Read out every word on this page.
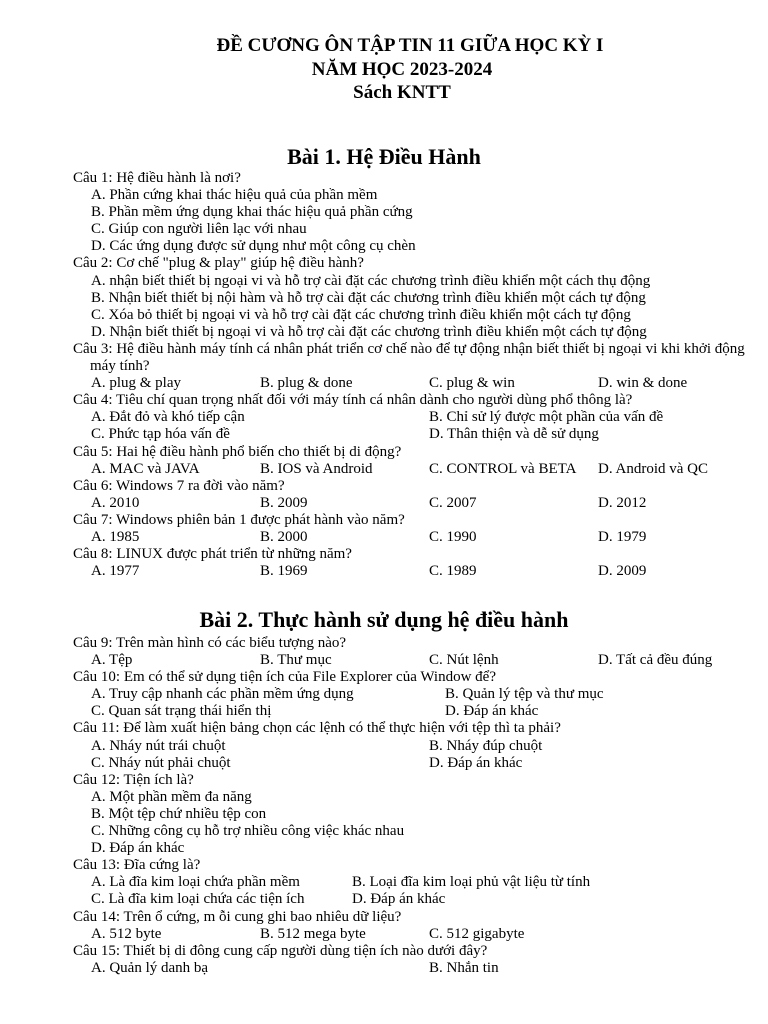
ĐỀ CƯƠNG ÔN TẬP TIN 11 GIỮA HỌC KỲ I
NĂM HỌC 2023-2024
Sách KNTT
Bài 1. Hệ Điều Hành
Câu 1: Hệ điều hành là nơi?
A. Phần cứng khai thác hiệu quả của phần mềm
B. Phần mềm ứng dụng khai thác hiệu quả phần cứng
C. Giúp con người liên lạc với nhau
D. Các ứng dụng được sử dụng như một công cụ chèn
Câu 2: Cơ chế "plug & play" giúp hệ điều hành?
A. nhận biết thiết bị ngoại vi và hỗ trợ cài đặt các chương trình điều khiển một cách thụ động
B. Nhận biết thiết bị nội hàm và hỗ trợ cài đặt các chương trình điều khiển một cách tự động
C. Xóa bỏ thiết bị ngoại vi và hỗ trợ cài đặt các chương trình điều khiển một cách tự động
D. Nhận biết thiết bị ngoại vi và hỗ trợ cài đặt các chương trình điều khiển một cách tự động
Câu 3: Hệ điều hành máy tính cá nhân phát triển cơ chế nào để tự động nhận biết thiết bị ngoại vi khi khởi động máy tính?
A. plug & play	B. plug & done	C. plug & win	D. win & done
Câu 4: Tiêu chí quan trọng nhất đối với máy tính cá nhân dành cho người dùng phổ thông là?
A. Đắt đỏ và khó tiếp cận	B. Chỉ sử lý được một phần của vấn đề
C. Phức tạp hóa vấn đề	D. Thân thiện và dễ sử dụng
Câu 5: Hai hệ điều hành phổ biến cho thiết bị di động?
A. MAC và JAVA	B. IOS và Android	C. CONTROL và BETA D. Android và QC
Câu 6: Windows 7 ra đời vào năm?
A. 2010	B. 2009	C. 2007	D. 2012
Câu 7: Windows phiên bản 1 được phát hành vào năm?
A. 1985	B. 2000	C. 1990	D. 1979
Câu 8: LINUX được phát triển từ những năm?
A. 1977	B. 1969	C. 1989	D. 2009
Bài 2. Thực hành sử dụng hệ điều hành
Câu 9: Trên màn hình có các biểu tượng nào?
A. Tệp	B. Thư mục	C. Nút lệnh	D. Tất cả đều đúng
Câu 10: Em có thể sử dụng tiện ích của File Explorer của Window để?
A. Truy cập nhanh các phần mềm ứng dụng	B. Quản lý tệp và thư mục
C. Quan sát trạng thái hiển thị	D. Đáp án khác
Câu 11: Để làm xuất hiện bảng chọn các lệnh có thể thực hiện với tệp thì ta phải?
A. Nháy nút trái chuột	B. Nháy đúp chuột
C. Nháy nút phải chuột	D. Đáp án khác
Câu 12: Tiện ích là?
A. Một phần mềm đa năng
B. Một tệp chứ nhiều tệp con
C. Những công cụ hỗ trợ nhiều công việc khác nhau
D. Đáp án khác
Câu 13: Đĩa cứng là?
A. Là đĩa kim loại chứa phần mềm	B. Loại đĩa kim loại phủ vật liệu từ tính
C. Là đĩa kim loại chứa các tiện ích	D. Đáp án khác
Câu 14: Trên ổ cứng, m ỗi cung ghi bao nhiêu dữ liệu?
A. 512 byte	B. 512 mega byte	C. 512 gigabyte
Câu 15: Thiết bị di đông cung cấp người dùng tiện ích nào dưới đây?
A. Quản lý danh bạ	B. Nhắn tin
